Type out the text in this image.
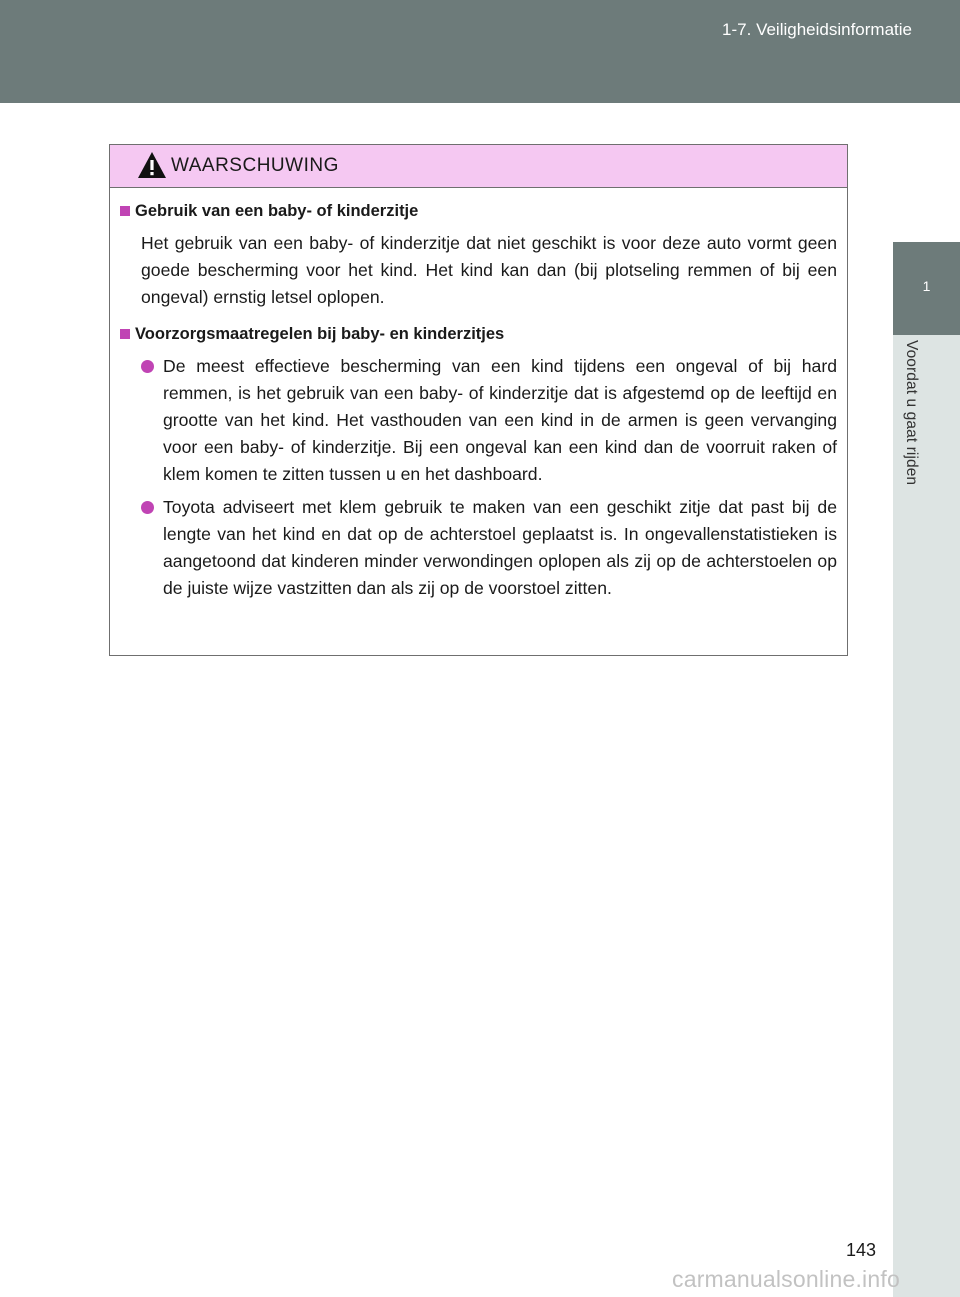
1-7. Veiligheidsinformatie
1
Voordat u gaat rijden
WAARSCHUWING
Gebruik van een baby- of kinderzitje
Het gebruik van een baby- of kinderzitje dat niet geschikt is voor deze auto vormt geen goede bescherming voor het kind. Het kind kan dan (bij plotseling remmen of bij een ongeval) ernstig letsel oplopen.
Voorzorgsmaatregelen bij baby- en kinderzitjes
De meest effectieve bescherming van een kind tijdens een ongeval of bij hard remmen, is het gebruik van een baby- of kinderzitje dat is afgestemd op de leeftijd en grootte van het kind. Het vasthouden van een kind in de armen is geen vervanging voor een baby- of kinderzitje. Bij een ongeval kan een kind dan de voorruit raken of klem komen te zitten tussen u en het dashboard.
Toyota adviseert met klem gebruik te maken van een geschikt zitje dat past bij de lengte van het kind en dat op de achterstoel geplaatst is. In ongevallenstatistieken is aangetoond dat kinderen minder verwondingen oplopen als zij op de achterstoelen op de juiste wijze vastzitten dan als zij op de voorstoel zitten.
143
carmanualsonline.info
